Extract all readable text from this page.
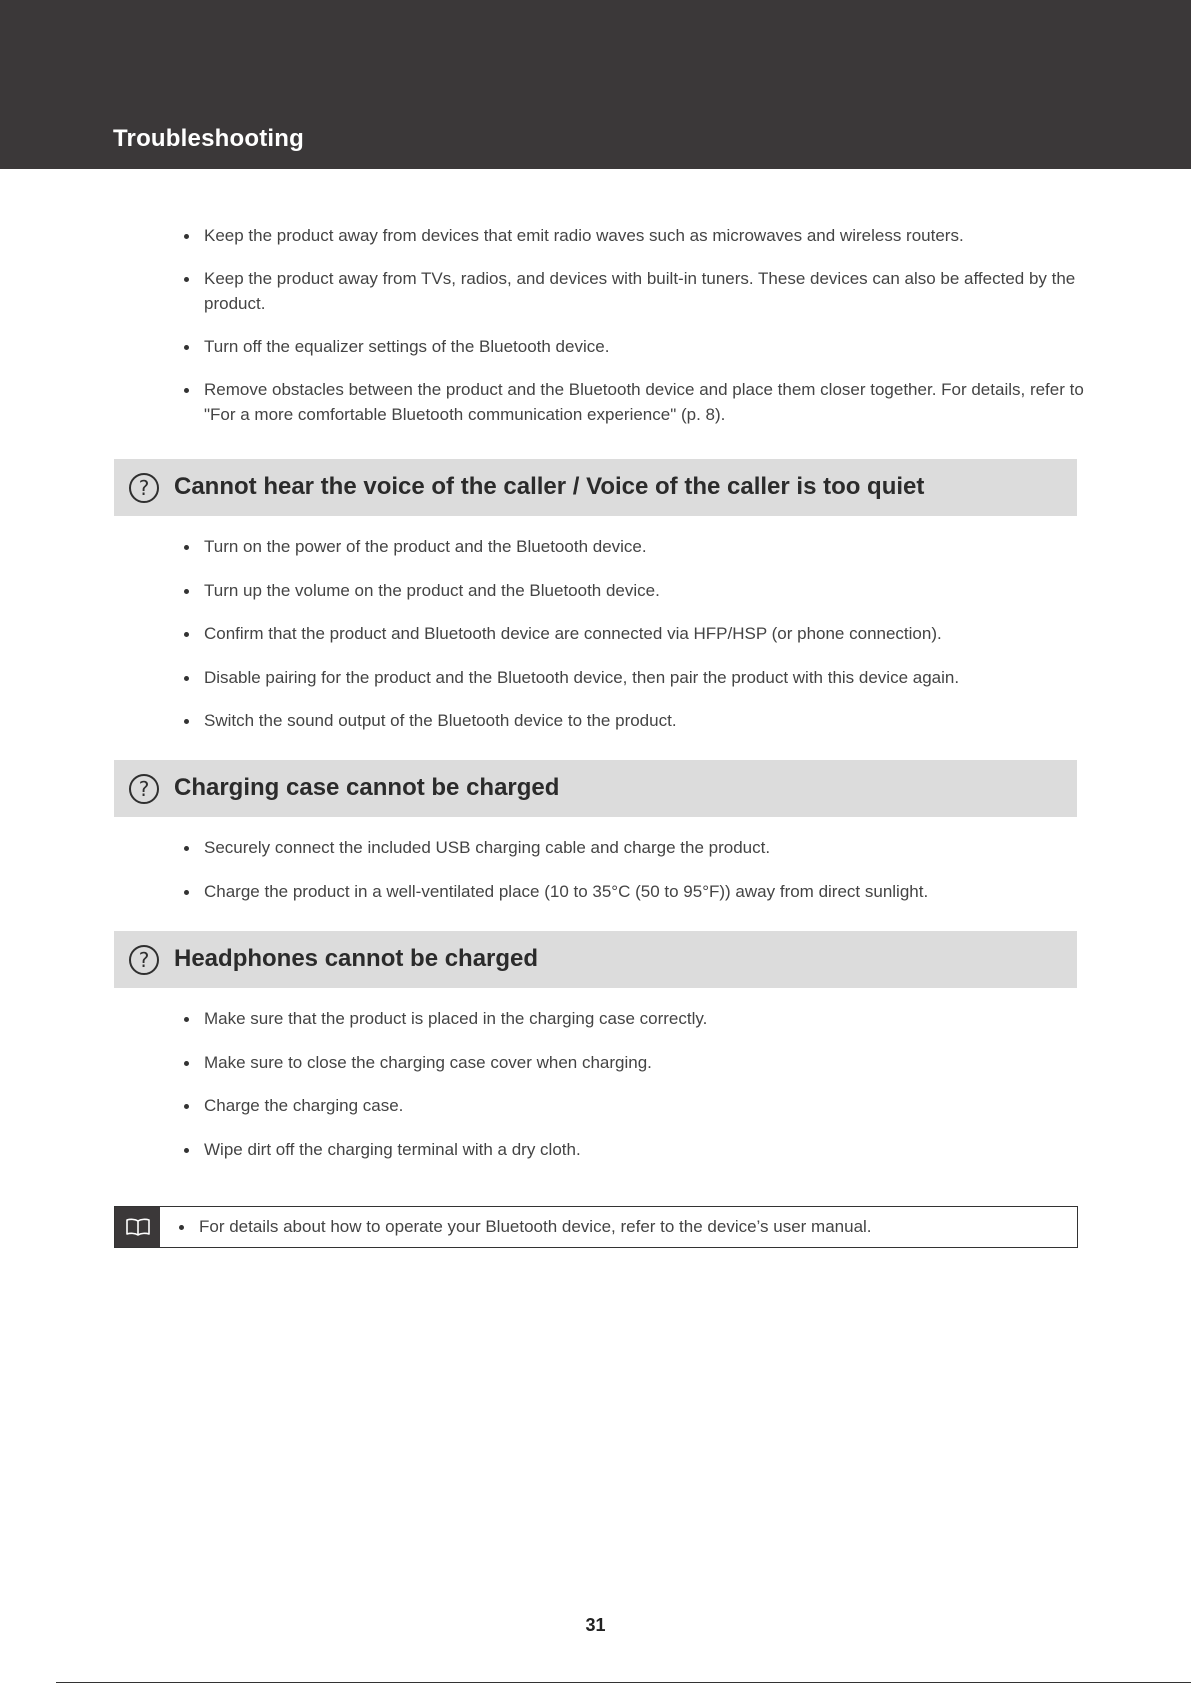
Troubleshooting
Keep the product away from devices that emit radio waves such as microwaves and wireless routers.
Keep the product away from TVs, radios, and devices with built-in tuners. These devices can also be affected by the product.
Turn off the equalizer settings of the Bluetooth device.
Remove obstacles between the product and the Bluetooth device and place them closer together. For details, refer to "For a more comfortable Bluetooth communication experience" (p. 8).
?	Cannot hear the voice of the caller / Voice of the caller is too quiet
Turn on the power of the product and the Bluetooth device.
Turn up the volume on the product and the Bluetooth device.
Confirm that the product and Bluetooth device are connected via HFP/HSP (or phone connection).
Disable pairing for the product and the Bluetooth device, then pair the product with this device again.
Switch the sound output of the Bluetooth device to the product.
?	Charging case cannot be charged
Securely connect the included USB charging cable and charge the product.
Charge the product in a well-ventilated place (10 to 35°C (50 to 95°F)) away from direct sunlight.
?	Headphones cannot be charged
Make sure that the product is placed in the charging case correctly.
Make sure to close the charging case cover when charging.
Charge the charging case.
Wipe dirt off the charging terminal with a dry cloth.
For details about how to operate your Bluetooth device, refer to the device’s user manual.
31
